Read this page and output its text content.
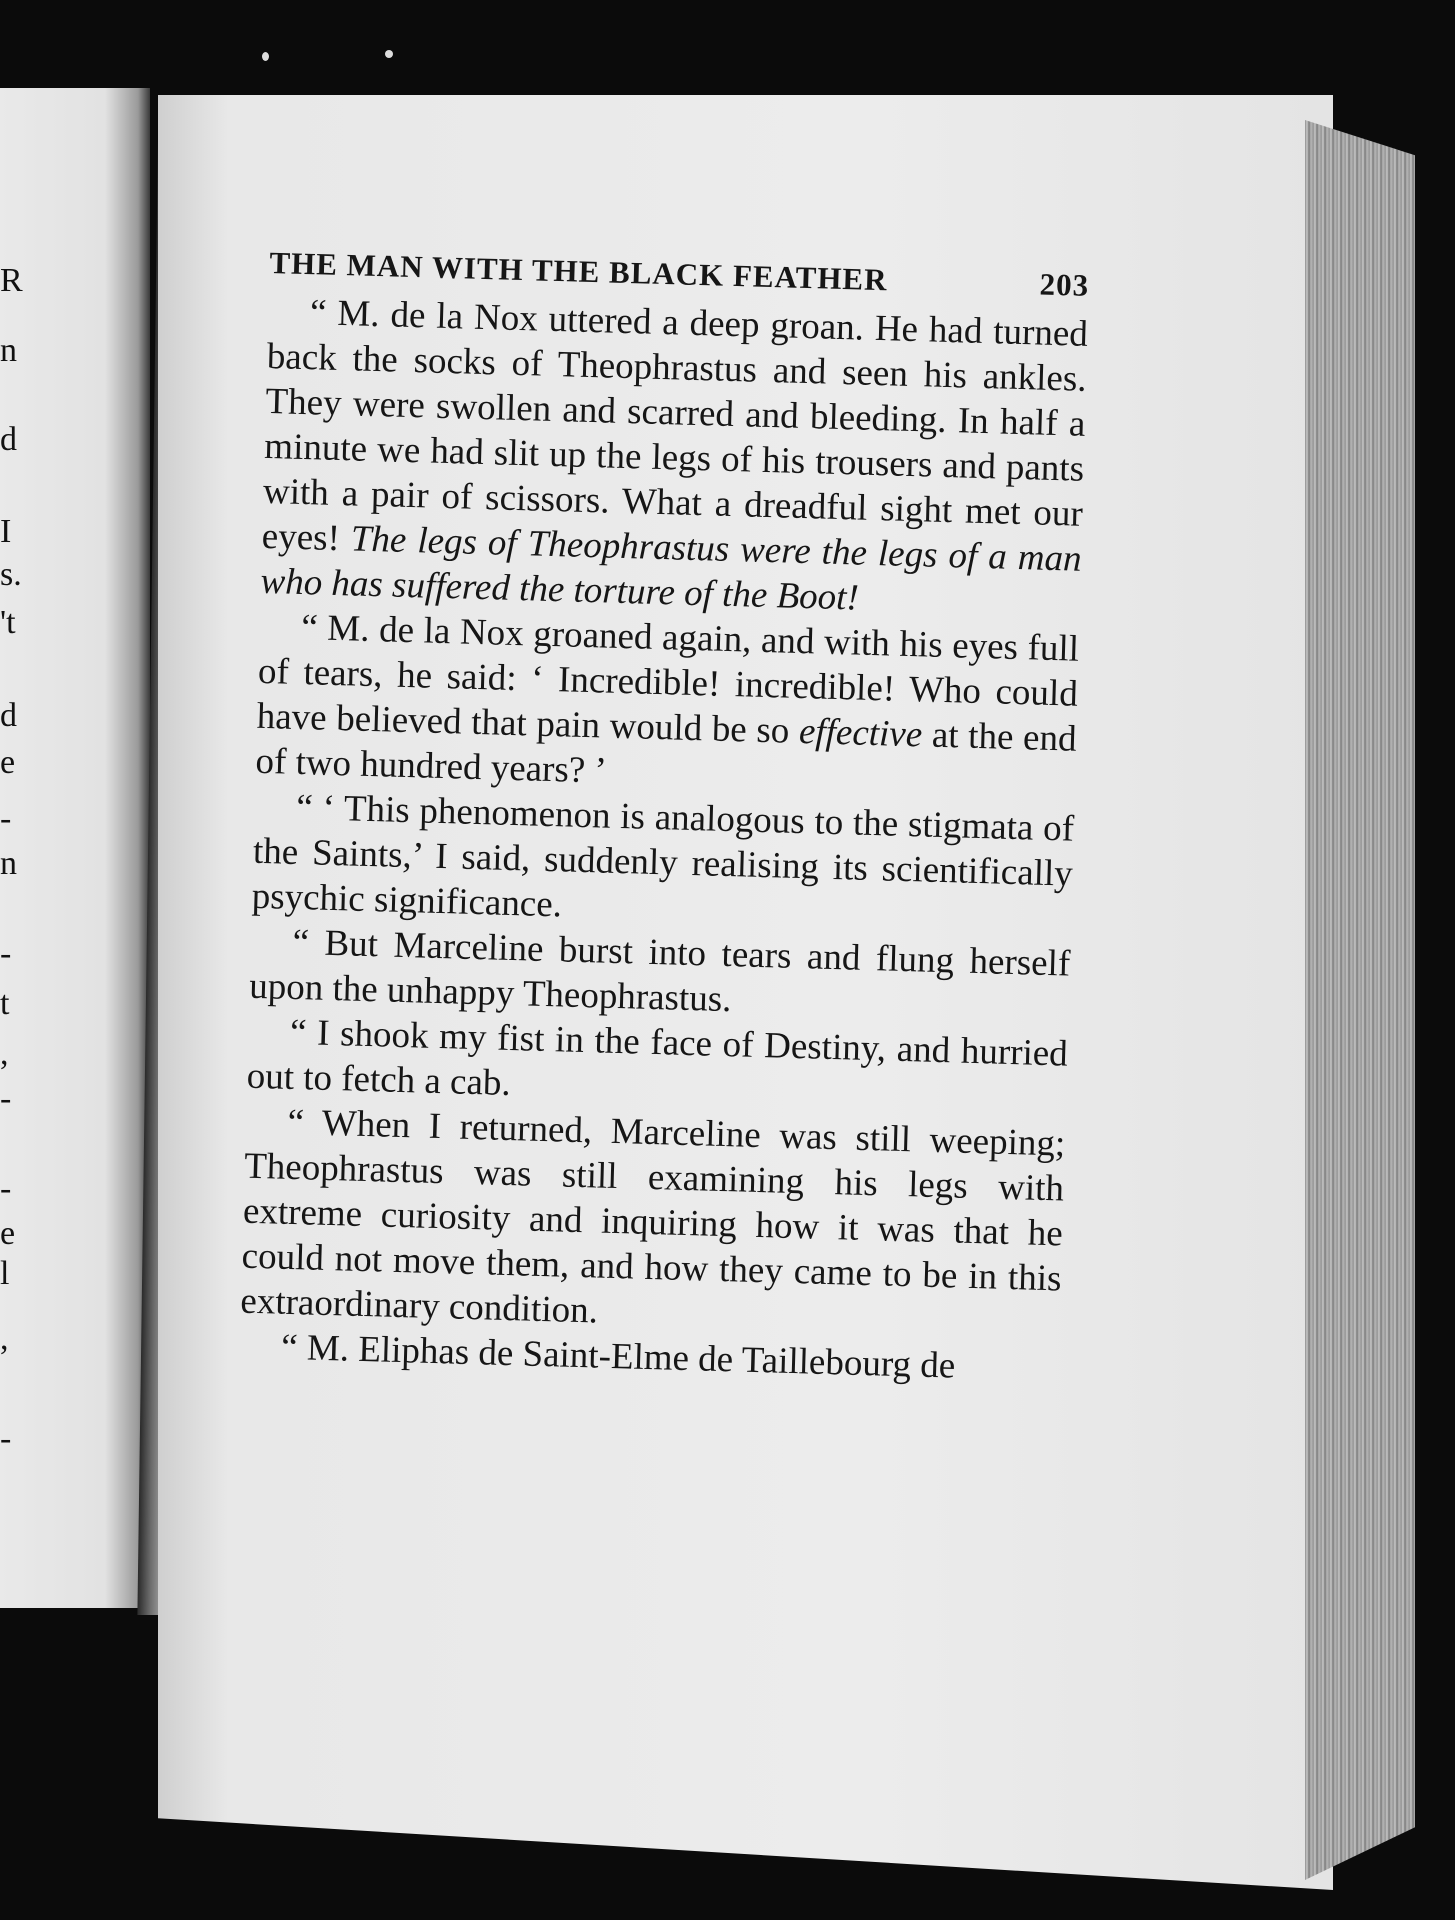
R
n
d
I
s.
't
d
e
-
n
-
t
,
-
-
e
l
,
-
THE MAN WITH THE BLACK FEATHER	203

“ M. de la Nox uttered a deep groan. He had turned back the socks of Theophrastus and seen his ankles. They were swollen and scarred and bleeding. In half a minute we had slit up the legs of his trousers and pants with a pair of scissors. What a dreadful sight met our eyes! The legs of Theophrastus were the legs of a man who has suffered the torture of the Boot!

“ M. de la Nox groaned again, and with his eyes full of tears, he said: ‘ Incredible! incredible! Who could have believed that pain would be so effective at the end of two hundred years? ’

“ ‘ This phenomenon is analogous to the stigmata of the Saints,’ I said, suddenly realising its scientifically psychic significance.

“ But Marceline burst into tears and flung herself upon the unhappy Theophrastus.

“ I shook my fist in the face of Destiny, and hurried out to fetch a cab.

“ When I returned, Marceline was still weeping; Theophrastus was still examining his legs with extreme curiosity and inquiring how it was that he could not move them, and how they came to be in this extraordinary condition.

“ M. Eliphas de Saint-Elme de Taillebourg de
